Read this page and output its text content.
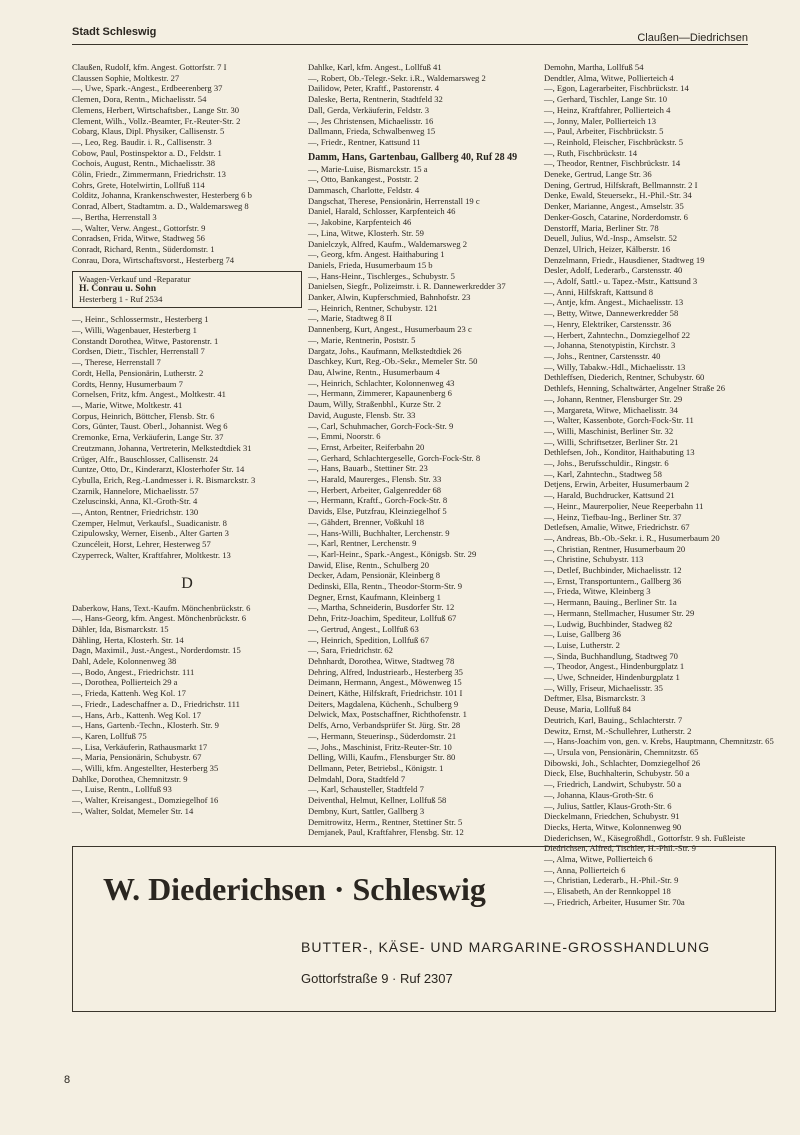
Stadt Schleswig	Claußen—Diedrichsen
Claußen, Rudolf, kfm. Angest. Gottorfstr. 7 I
Claussen Sophie, Moltkestr. 27
—, Uwe, Spark.-Angest., Erdbeerenberg 37
Clemen, Dora, Rentn., Michaelisstr. 54
Clemens, Herbert, Wirtschaftsber., Lange Str. 30
Clement, Wilh., Vollz.-Beamter, Fr.-Reuter-Str. 2
Cobarg, Klaus, Dipl. Physiker, Callisenstr. 5
—, Leo, Reg. Baudir. i. R., Callisenstr. 3
Cobow, Paul, Postinspektor a. D., Feldstr. 1
Cochois, August, Rentn., Michaelisstr. 38
Cölin, Friedr., Zimmermann, Friedrichstr. 13
Cohrs, Grete, Hotelwirtin, Lollfuß 114
Colditz, Johanna, Krankenschwester, Hesterberg 6 b
Conrad, Albert, Stadtamtm. a. D., Waldemarsweg 8
—, Bertha, Herrenstall 3
—, Walter, Verw. Angest., Gottorfstr. 9
Conradsen, Frida, Witwe, Stadtweg 56
Conradt, Richard, Rentn., Süderdomstr. 1
Conrau, Dora, Wirtschaftsvorst., Hesterberg 74
Waagen-Verkauf und -Reparatur
H. Conrau u. Sohn
Hesterberg 1 - Ruf 2534
—, Heinr., Schlossermstr., Hesterberg 1
—, Willi, Wagenbauer, Hesterberg 1
Constandt Dorothea, Witwe, Pastorenstr. 1
Cordsen, Dietr., Tischler, Herrenstall 7
—, Therese, Herrenstall 7
Cordt, Hella, Pensionärin, Lutherstr. 2
Cordts, Henny, Husumerbaum 7
Cornelsen, Fritz, kfm. Angest., Moltkestr. 41
—, Marie, Witwe, Moltkestr. 41
Corpus, Heinrich, Böttcher, Flensb. Str. 6
Cors, Günter, Taust. Oberl., Johannist. Weg 6
Cremonke, Erna, Verkäuferin, Lange Str. 37
Creutzmann, Johanna, Vertreterin, Melkstedtdiek 31
Crüger, Alfr., Bauschlosser, Callisenstr. 24
Cuntze, Otto, Dr., Kinderarzt, Klosterhofer Str. 14
Cybulla, Erich, Reg.-Landmesser i. R. Bismarckstr. 3
Czarnik, Hannelore, Michaelisstr. 57
Czeluscinski, Anna, Kl.-Groth-Str. 4
—, Anton, Rentner, Friedrichstr. 130
Czemper, Helmut, Verkaufsl., Suadicanistr. 8
Czipulowsky, Werner, Eisenb., Alter Garten 3
Czuncéleit, Horst, Lehrer, Hesterweg 57
Czyperreck, Walter, Kraftfahrer, Moltkestr. 13
D
Daberkow, Hans, Text.-Kaufm. Mönchenbrückstr. 6
—, Hans-Georg, kfm. Angest. Mönchenbrückstr. 6
Dähler, Ida, Bismarckstr. 15
Dähling, Herta, Klosterh. Str. 14
Dagn, Maximil., Just.-Angest., Norderdomstr. 15
Dahl, Adele, Kolonnenweg 38
—, Bodo, Angest., Friedrichstr. 111
—, Dorothea, Pollierteich 29 a
—, Frieda, Kattenh. Weg Kol. 17
—, Friedr., Ladeschaffner a. D., Friedrichstr. 111
—, Hans, Arb., Kattenh. Weg Kol. 17
—, Hans, Gartenb.-Techn., Klosterh. Str. 9
—, Karen, Lollfuß 75
—, Lisa, Verkäuferin, Rathausmarkt 17
—, Maria, Pensionärin, Schubystr. 67
—, Willi, kfm. Angestellter, Hesterberg 35
Dahlke, Dorothea, Chemnitzstr. 9
—, Luise, Rentn., Lollfuß 93
—, Walter, Kreisangest., Domziegelhof 16
—, Walter, Soldat, Memeler Str. 14
Dahlke, Karl, kfm. Angest., Lollfuß 41
—, Robert, Ob.-Telegr.-Sekr. i.R., Waldemarsweg 2
Dailidow, Peter, Kraftf., Pastorenstr. 4
Daleske, Berta, Rentnerin, Stadtfeld 32
Dall, Gerda, Verkäuferin, Feldstr. 3
—, Jes Christensen, Michaelisstr. 16
Dallmann, Frieda, Schwalbenweg 15
—, Friedr., Rentner, Kattsund 11
Damm, Hans, Gartenbau, Gallberg 40, Ruf 28 49
—, Marie-Luise, Bismarckstr. 15 a
—, Otto, Bankangest., Poststr. 2
Dammasch, Charlotte, Feldstr. 4
Dangschat, Therese, Pensionärin, Herrenstall 19 c
Daniel, Harald, Schlosser, Karpfenteich 46
—, Jakobine, Karpfenteich 46
—, Lina, Witwe, Klosterh. Str. 59
Danielczyk, Alfred, Kaufm., Waldemarsweg 2
—, Georg, kfm. Angest. Haithaburing 1
Daniels, Frieda, Husumerbaum 15 b
—, Hans-Heinr., Tischlerges., Schubystr. 5
Danielsen, Siegfr., Polizeimstr. i. R. Dannewerkredder 37
Danker, Alwin, Kupferschmied, Bahnhofstr. 23
—, Heinrich, Rentner, Schubystr. 121
—, Marie, Stadtweg 8 II
Dannenberg, Kurt, Angest., Husumerbaum 23 c
—, Marie, Rentnerin, Poststr. 5
Dargatz, Johs., Kaufmann, Melkstedtdiek 26
Daschkey, Kurt, Reg.-Ob.-Sekr., Memeler Str. 50
Dau, Alwine, Rentn., Husumerbaum 4
—, Heinrich, Schlachter, Kolonnenweg 43
—, Hermann, Zimmerer, Kapaunenberg 6
Daum, Willy, Straßenbhl., Kurze Str. 2
David, Auguste, Flensb. Str. 33
—, Carl, Schuhmacher, Gorch-Fock-Str. 9
—, Emmi, Noorstr. 6
—, Ernst, Arbeiter, Reiferbahn 20
—, Gerhard, Schlachtergeselle, Gorch-Fock-Str. 8
—, Hans, Bauarb., Stettiner Str. 23
—, Harald, Maurerges., Flensb. Str. 33
—, Herbert, Arbeiter, Galgenredder 68
—, Hermann, Kraftf., Gorch-Fock-Str. 8
Davids, Else, Putzfrau, Kleinziegelhof 5
—, Gähdert, Brenner, Voßkuhl 18
—, Hans-Willi, Buchhalter, Lerchenstr. 9
—, Karl, Rentner, Lerchenstr. 9
—, Karl-Heinr., Spark.-Angest., Königsb. Str. 29
Dawid, Elise, Rentn., Schulberg 20
Decker, Adam, Pensionär, Kleinberg 8
Dedinski, Ella, Rentn., Theodor-Storm-Str. 9
Degner, Ernst, Kaufmann, Kleinberg 1
—, Martha, Schneiderin, Busdorfer Str. 12
Dehn, Fritz-Joachim, Spediteur, Lollfuß 67
—, Gertrud, Angest., Lollfuß 63
—, Heinrich, Spedition, Lollfuß 67
—, Sara, Friedrichstr. 62
Dehnhardt, Dorothea, Witwe, Stadtweg 78
Dehring, Alfred, Industriearb., Hesterberg 35
Deimann, Hermann, Angest., Möwenweg 15
Deinert, Käthe, Hilfskraft, Friedrichstr. 101 I
Deiters, Magdalena, Küchenh., Schulberg 9
Delwick, Max, Postschaffner, Richthofenstr. 1
Delfs, Arno, Verbandsprüfer St. Jürg. Str. 28
—, Hermann, Steuerinsp., Süderdomstr. 21
—, Johs., Maschinist, Fritz-Reuter-Str. 10
Delling, Willi, Kaufm., Flensburger Str. 80
Dellmann, Peter, Betriebsl., Königstr. 1
Delmdahl, Dora, Stadtfeld 7
—, Karl, Schausteller, Stadtfeld 7
Deiventhal, Helmut, Kellner, Lollfuß 58
Dembny, Kurt, Sattler, Gallberg 3
Demitrowitz, Herm., Rentner, Stettiner Str. 5
Demjanek, Paul, Kraftfahrer, Flensbg. Str. 12
Demohn, Martha, Lollfuß 54
Dendtler, Alma, Witwe, Pollierteich 4
—, Egon, Lagerarbeiter, Fischbrückstr. 14
—, Gerhard, Tischler, Lange Str. 10
—, Heinz, Kraftfahrer, Pollierteich 4
—, Jonny, Maler, Pollierteich 13
—, Paul, Arbeiter, Fischbrückstr. 5
—, Reinhold, Fleischer, Fischbrückstr. 5
—, Ruth, Fischbrückstr. 14
—, Theodor, Rentner, Fischbrückstr. 14
Deneke, Gertrud, Lange Str. 36
Dening, Gertrud, Hilfskraft, Bellmannstr. 2 I
Denke, Ewald, Steuersekr., H.-Phil.-Str. 34
Denker, Marianne, Angest., Amselstr. 35
Denker-Gosch, Catarine, Norderdomstr. 6
Denstorff, Maria, Berliner Str. 78
Deuell, Julius, Wd.-Insp., Amselstr. 52
Denzel, Ulrich, Heizer, Kälberstr. 16
Denzelmann, Friedr., Hausdiener, Stadtweg 19
Desler, Adolf, Lederarb., Carstensstr. 40
—, Adolf, Sattl.- u. Tapez.-Mstr., Kattsund 3
—, Anni, Hilfskraft, Kattsund 8
—, Antje, kfm. Angest., Michaelisstr. 13
—, Betty, Witwe, Dannewerkredder 58
—, Henry, Elektriker, Carstensstr. 36
—, Herbert, Zahntechn., Domziegelhof 22
—, Johanna, Stenotypistin, Kirchstr. 3
—, Johs., Rentner, Carstensstr. 40
—, Willy, Tabakw.-Hdl., Michaelisstr. 13
Dethleffsen, Diederich, Rentner, Schubystr. 60
Dethlefs, Henning, Schaltwärter, Angelner Straße 26
—, Johann, Rentner, Flensburger Str. 29
—, Margareta, Witwe, Michaelisstr. 34
—, Walter, Kassenbote, Gorch-Fock-Str. 11
—, Willi, Maschinist, Berliner Str. 32
—, Willi, Schriftsetzer, Berliner Str. 21
Dethlefsen, Joh., Konditor, Haithabuting 13
—, Johs., Berufsschuldir., Ringstr. 6
—, Karl, Zahntechn., Stadtweg 58
Detjens, Erwin, Arbeiter, Husumerbaum 2
—, Harald, Buchdrucker, Kattsund 21
—, Heinr., Maurerpolier, Neue Reeperbahn 11
—, Heinz, Tiefbau-Ing., Berliner Str. 37
Detlefsen, Amalie, Witwe, Friedrichstr. 67
—, Andreas, Bb.-Ob.-Sekr. i. R., Husumerbaum 20
—, Christian, Rentner, Husumerbaum 20
—, Christine, Schubystr. 113
—, Detlef, Buchbinder, Michaelisstr. 12
—, Ernst, Transportuntern., Gallberg 36
—, Frieda, Witwe, Kleinberg 3
—, Hermann, Bauing., Berliner Str. 1a
—, Hermann, Stellmacher, Husumer Str. 29
—, Ludwig, Buchbinder, Stadweg 82
—, Luise, Gallberg 36
—, Luise, Lutherstr. 2
—, Sinda, Buchhandlung, Stadtweg 70
—, Theodor, Angest., Hindenburgplatz 1
—, Uwe, Schneider, Hindenburgplatz 1
—, Willy, Friseur, Michaelisstr. 35
Deftmer, Elsa, Bismarckstr. 3
Deuse, Maria, Lollfuß 84
Deutrich, Karl, Bauing., Schlachterstr. 7
Dewitz, Ernst, M.-Schullehrer, Lutherstr. 2
—, Hans-Joachim von, gen. v. Krebs, Hauptmann, Chemnitzstr. 65
—, Ursula von, Pensionärin, Chemnitzstr. 65
Dibowski, Joh., Schlachter, Domziegelhof 26
Dieck, Else, Buchhalterin, Schubystr. 50 a
—, Friedrich, Landwirt, Schubystr. 50 a
—, Johanna, Klaus-Groth-Str. 6
—, Julius, Sattler, Klaus-Groth-Str. 6
Dieckelmann, Friedchen, Schubystr. 91
Diecks, Herta, Witwe, Kolonnenweg 90
Diederichsen, W., Käsegroßhdl., Gottorfstr. 9 sh. Fußleiste
Diedrichsen, Alfred, Tischler, H.-Phil.-Str. 9
—, Alma, Witwe, Pollierteich 6
—, Anna, Pollierteich 6
—, Christian, Lederarb., H.-Phil.-Str. 9
—, Elisabeth, An der Rennkoppel 18
—, Friedrich, Arbeiter, Husumer Str. 70a
W. Diederichsen · Schleswig
BUTTER-, KÄSE- UND MARGARINE-GROSSHANDLUNG
Gottorfstraße 9 · Ruf 2307
8
